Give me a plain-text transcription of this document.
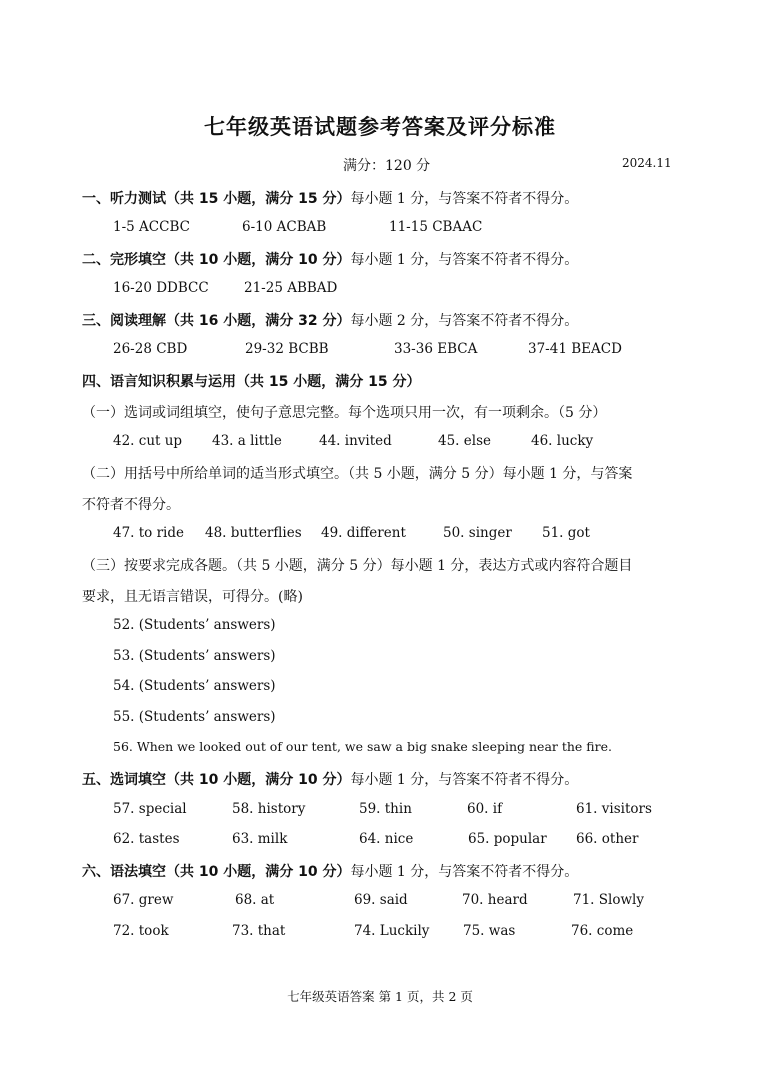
七年级英语试题参考答案及评分标准
满分：120 分	2024.11
一、听力测试（共 15 小题，满分 15 分）每小题 1 分，与答案不符者不得分。
1-5 ACCBC	6-10 ACBAB	11-15 CBAAC
二、完形填空（共 10 小题，满分 10 分）每小题 1 分，与答案不符者不得分。
16-20 DDBCC	21-25 ABBAD
三、阅读理解（共 16 小题，满分 32 分）每小题 2 分，与答案不符者不得分。
26-28 CBD	29-32 BCBB	33-36 EBCA	37-41 BEACD
四、语言知识积累与运用（共 15 小题，满分 15 分）
（一）选词或词组填空，使句子意思完整。每个选项只用一次，有一项剩余。（5 分）
42. cut up 43. a little	44. invited	45. else	46. lucky
（二）用括号中所给单词的适当形式填空。（共 5 小题，满分 5 分）每小题 1 分，与答案
不符者不得分。
47. to ride 48. butterflies 49. different	50. singer 51. got
（三）按要求完成各题。（共 5 小题，满分 5 分）每小题 1 分，表达方式或内容符合题目
要求，且无语言错误，可得分。(略)
52. (Students’ answers)
53. (Students’ answers)
54. (Students’ answers)
55. (Students’ answers)
56. When we looked out of our tent, we saw a big snake sleeping near the fire.
五、选词填空（共 10 小题，满分 10 分）每小题 1 分，与答案不符者不得分。
57. special	58. history	59. thin	60. if	61. visitors
62. tastes	63. milk	64. nice	65. popular 66. other
六、语法填空（共 10 小题，满分 10 分）每小题 1 分，与答案不符者不得分。
67. grew	68. at	69. said	70. heard	71. Slowly
72. took	73. that	74. Luckily 75. was	76. come
七年级英语答案 第 1 页，共 2 页
